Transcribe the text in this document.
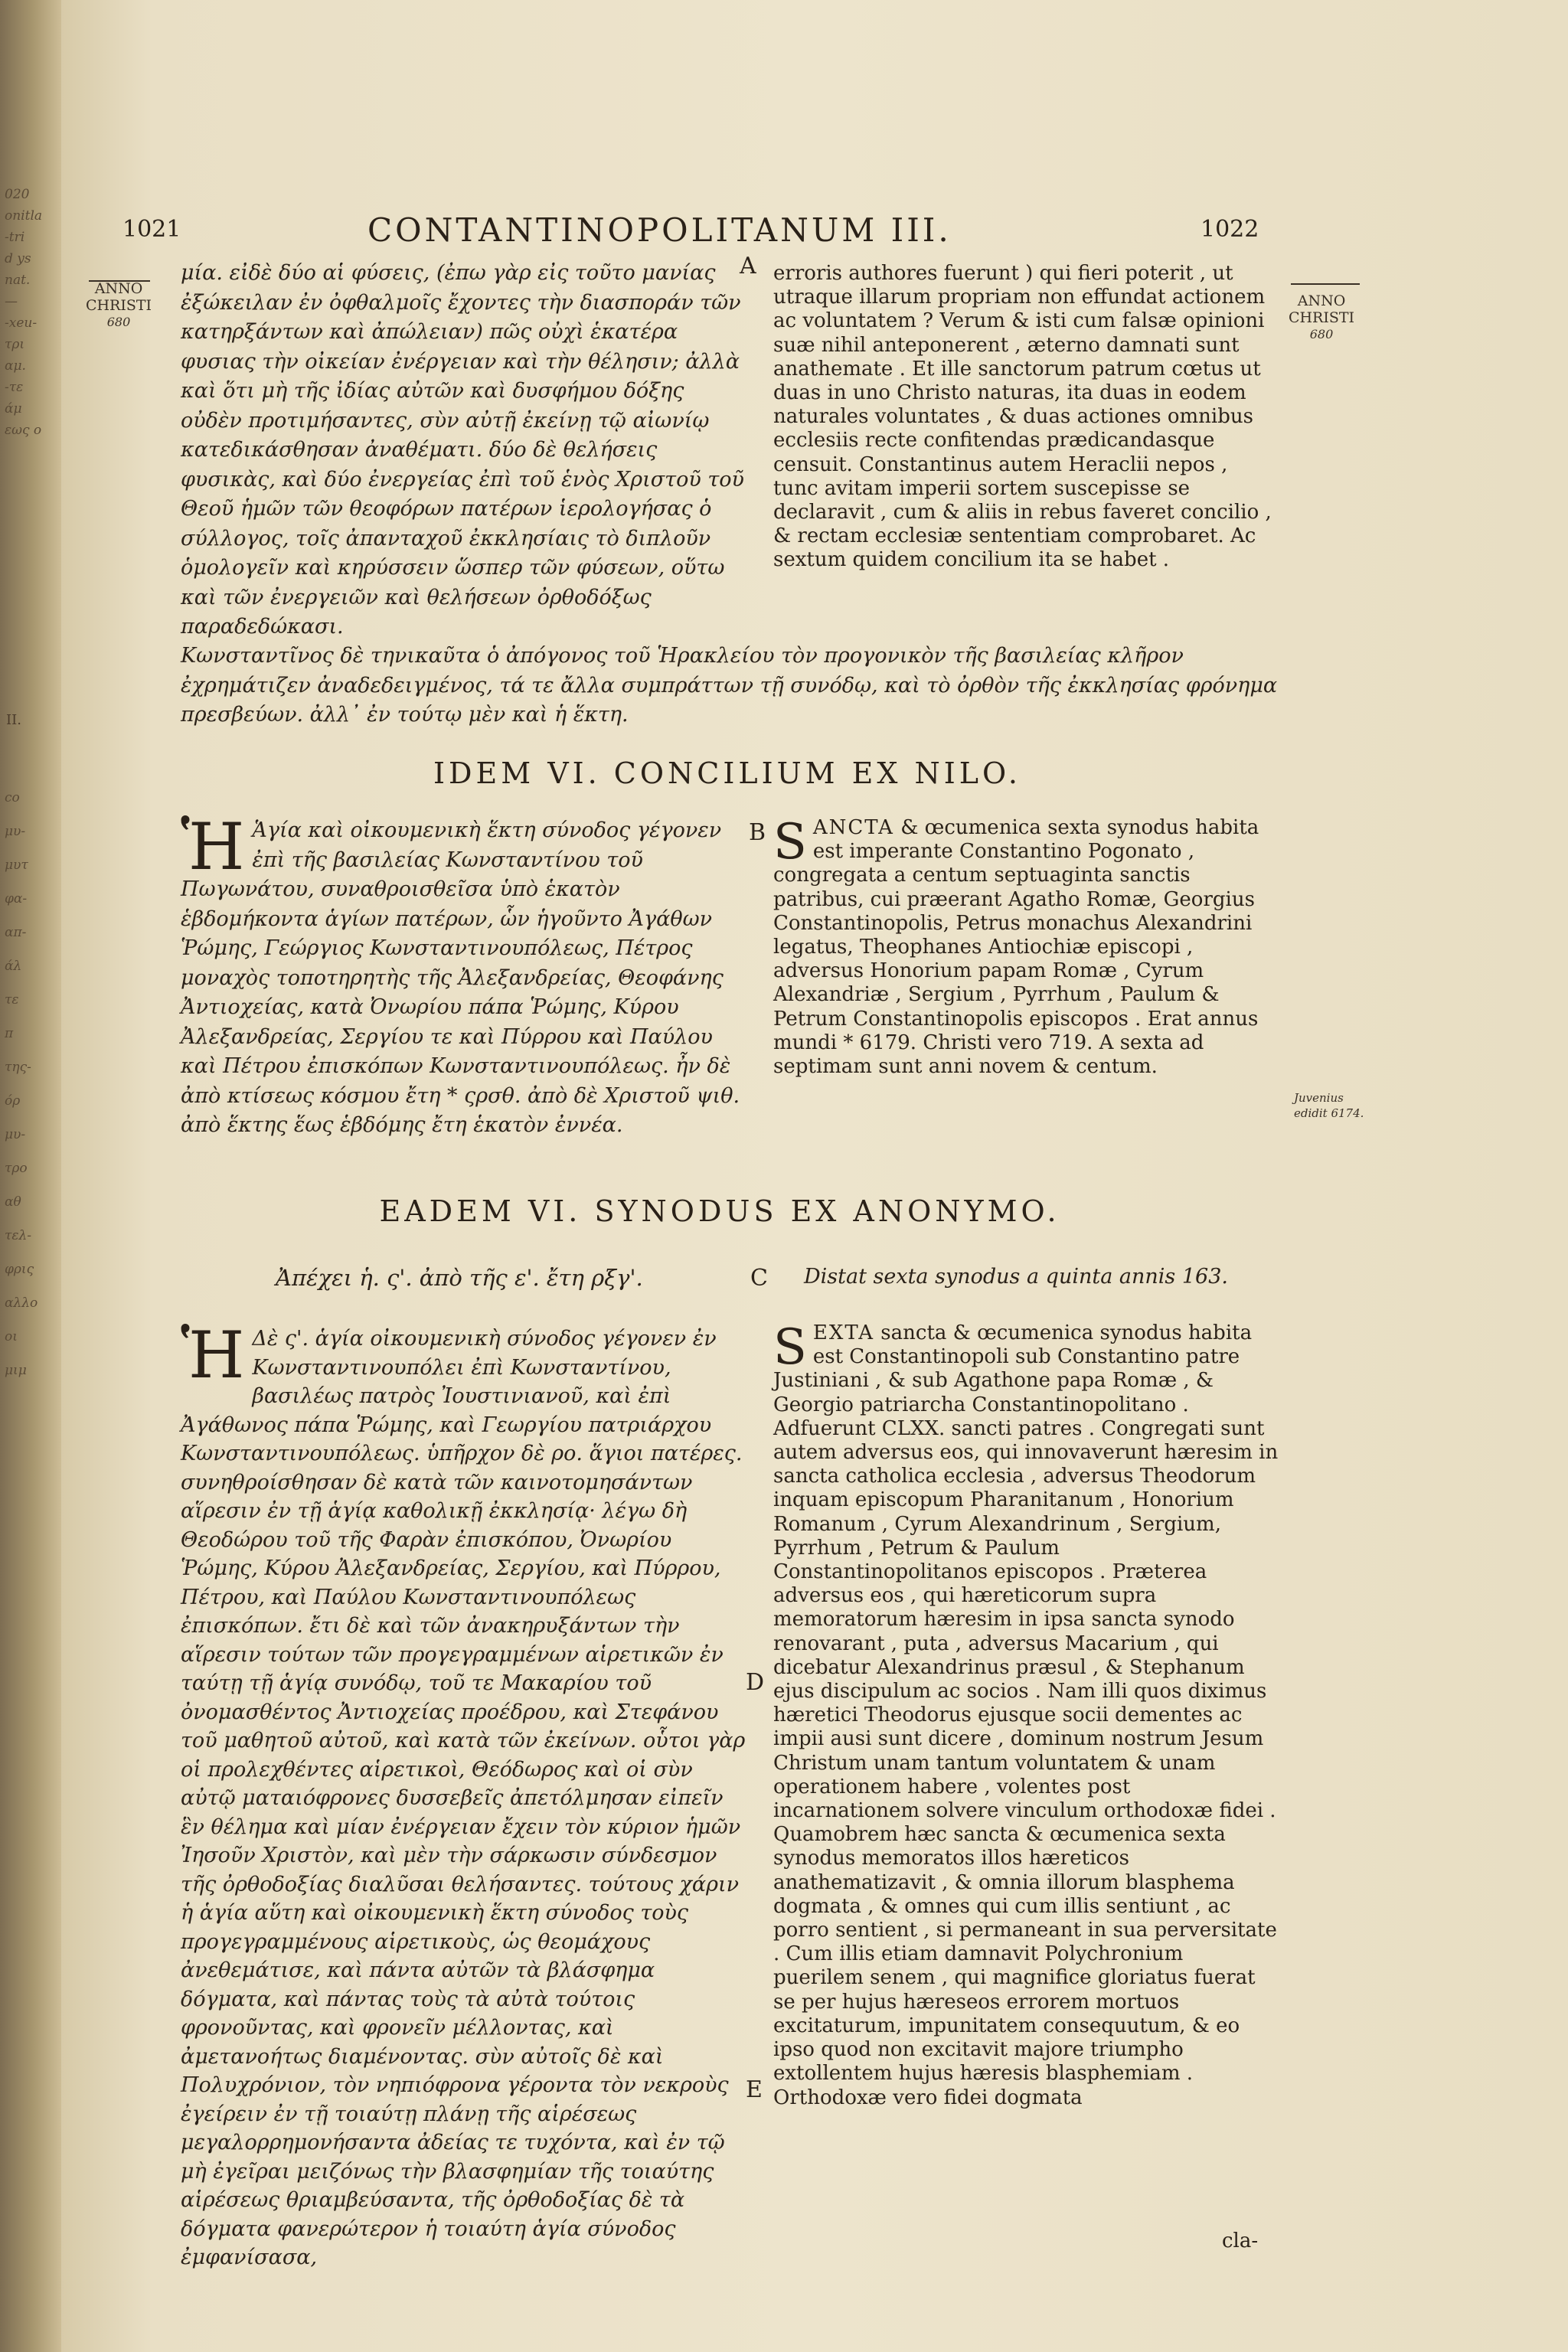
020
onitla
-tri
d ys
nat.
—
-xeu-
τρι
αμ.
-τε
άμ
εως ο
II.
co
μυ-
μυτ
φα-
απ-
άλ
τε
π
της-
όρ
μυ-
τρο
αθ
τελ-
φρις
αλλο
οι
μιμ
1021	CONTANTINOPOLITANUM III.	1022
ANNO
CHRISTI
680
ANNO
CHRISTI
680
A
μία. εἰδὲ δύο αἱ φύσεις, (ἐπω γὰρ εἰς τοῦτο μανίας ἐξώκειλαν ἐν ὀφθαλμοῖς ἔχοντες τὴν διασποράν τῶν κατηρξάντων καὶ ἀπώλειαν) πῶς οὐχὶ ἑκατέρα φυσιας τὴν οἰκείαν ἐνέργειαν καὶ τὴν θέλησιν; ἀλλὰ καὶ ὅτι μὴ τῆς ἰδίας αὐτῶν καὶ δυσφήμου δόξης οὐδὲν προτιμήσαντες, σὺν αὐτῇ ἐκείνῃ τῷ αἰωνίῳ κατεδικάσθησαν ἀναθέματι. δύο δὲ θελήσεις φυσικὰς, καὶ δύο ἐνεργείας ἐπὶ τοῦ ἑνὸς Χριστοῦ τοῦ Θεοῦ ἡμῶν τῶν θεοφόρων πατέρων ἱερολογήσας ὁ σύλλογος, τοῖς ἀπανταχοῦ ἐκκλησίαις τὸ διπλοῦν ὁμολογεῖν καὶ κηρύσσειν ὥσπερ τῶν φύσεων, οὕτω καὶ τῶν ἐνεργειῶν καὶ θελήσεων ὀρθοδόξως παραδεδώκασι.
erroris authores fuerunt ) qui fieri poterit , ut utraque illarum propriam non effundat actionem ac voluntatem ? Verum & isti cum falsæ opinioni suæ nihil anteponerent , æterno damnati sunt anathemate . Et ille sanctorum patrum cœtus ut duas in uno Christo naturas, ita duas in eodem naturales voluntates , & duas actiones omnibus ecclesiis recte confitendas prædicandasque censuit. Constantinus autem Heraclii nepos , tunc avitam imperii sortem suscepisse se declaravit , cum & aliis in rebus faveret concilio , & rectam ecclesiæ sententiam comprobaret. Ac sextum quidem concilium ita se habet .
Κωνσταντῖνος δὲ τηνικαῦτα ὁ ἀπόγονος τοῦ Ἡρακλείου τὸν προγονικὸν τῆς βασιλείας κλῆρον ἐχρημάτιζεν ἀναδεδειγμένος, τά τε ἄλλα συμπράττων τῇ συνόδῳ, καὶ τὸ ὀρθὸν τῆς ἐκκλησίας φρόνημα πρεσβεύων. ἀλλ᾽ ἐν τούτῳ μὲν καὶ ἡ ἕκτη.
IDEM VI. CONCILIUM EX NILO.
B
Ἡ Ἁγία καὶ οἰκουμενικὴ ἕκτη σύνοδος γέγονεν ἐπὶ τῆς βασιλείας Κωνσταντίνου τοῦ Πωγωνάτου, συναθροισθεῖσα ὑπὸ ἑκατὸν ἑβδομήκοντα ἁγίων πατέρων, ὧν ἡγοῦντο Ἀγάθων Ῥώμης, Γεώργιος Κωνσταντινουπόλεως, Πέτρος μοναχὸς τοποτηρητὴς τῆς Ἀλεξανδρείας, Θεοφάνης Ἀντιοχείας, κατὰ Ὀνωρίου πάπα Ῥώμης, Κύρου Ἀλεξανδρείας, Σεργίου τε καὶ Πύρρου καὶ Παύλου καὶ Πέτρου ἐπισκόπων Κωνσταντινουπόλεως. ἦν δὲ ἀπὸ κτίσεως κόσμου ἔτη * ςρσθ. ἀπὸ δὲ Χριστοῦ ψιθ. ἀπὸ ἕκτης ἕως ἑβδόμης ἔτη ἑκατὸν ἐννέα.
SANCTA & œcumenica sexta synodus habita est imperante Constantino Pogonato , congregata a centum septuaginta sanctis patribus, cui præerant Agatho Romæ, Georgius Constantinopolis, Petrus monachus Alexandrini legatus, Theophanes Antiochiæ episcopi , adversus Honorium papam Romæ , Cyrum Alexandriæ , Sergium , Pyrrhum , Paulum & Petrum Constantinopolis episcopos . Erat annus mundi * 6179. Christi vero 719. A sexta ad septimam sunt anni novem & centum.
Juvenius edidit 6174.
EADEM VI. SYNODUS EX ANONYMO.
Ἀπέχει ἡ. ς'. ἀπὸ τῆς ε'. ἔτη ρξγ'.	C Distat sexta synodus a quinta annis 163.
Ἡ Δὲ ς'. ἁγία οἰκουμενικὴ σύνοδος γέγονεν ἐν Κωνσταντινουπόλει ἐπὶ Κωνσταντίνου, βασιλέως πατρὸς Ἰουστινιανοῦ, καὶ ἐπὶ Ἀγάθωνος πάπα Ῥώμης, καὶ Γεωργίου πατριάρχου Κωνσταντινουπόλεως. ὑπῆρχον δὲ ρο. ἅγιοι πατέρες. συνηθροίσθησαν δὲ κατὰ τῶν καινοτομησάντων αἵρεσιν ἐν τῇ ἁγίᾳ καθολικῇ ἐκκλησίᾳ· λέγω δὴ Θεοδώρου τοῦ τῆς Φαρὰν ἐπισκόπου, Ὀνωρίου Ῥώμης, Κύρου Ἀλεξανδρείας, Σεργίου, καὶ Πύρρου, Πέτρου, καὶ Παύλου Κωνσταντινουπόλεως ἐπισκόπων. ἔτι δὲ καὶ τῶν ἀνακηρυξάντων τὴν αἵρεσιν τούτων τῶν προγεγραμμένων αἱρετικῶν ἐν ταύτῃ τῇ ἁγίᾳ συνόδῳ, τοῦ τε Μακαρίου τοῦ ὀνομασθέντος Ἀντιοχείας προέδρου, καὶ Στεφάνου τοῦ μαθητοῦ αὐτοῦ, καὶ κατὰ τῶν ἐκείνων. οὗτοι γὰρ οἱ προλεχθέντες αἱρετικοὶ, Θεόδωρος καὶ οἱ σὺν αὐτῷ ματαιόφρονες δυσσεβεῖς ἀπετόλμησαν εἰπεῖν ἓν θέλημα καὶ μίαν ἐνέργειαν ἔχειν τὸν κύριον ἡμῶν Ἰησοῦν Χριστὸν, καὶ μὲν τὴν σάρκωσιν σύνδεσμον τῆς ὀρθοδοξίας διαλῦσαι θελήσαντες. τούτους χάριν ἡ ἁγία αὕτη καὶ οἰκουμενικὴ ἕκτη σύνοδος τοὺς προγεγραμμένους αἱρετικοὺς, ὡς θεομάχους ἀνεθεμάτισε, καὶ πάντα αὐτῶν τὰ βλάσφημα δόγματα, καὶ πάντας τοὺς τὰ αὐτὰ τούτοις φρονοῦντας, καὶ φρονεῖν μέλλοντας, καὶ ἀμετανοήτως διαμένοντας. σὺν αὐτοῖς δὲ καὶ Πολυχρόνιον, τὸν νηπιόφρονα γέροντα τὸν νεκροὺς ἐγείρειν ἐν τῇ τοιαύτῃ πλάνῃ τῆς αἱρέσεως μεγαλορρημονήσαντα ἀδείας τε τυχόντα, καὶ ἐν τῷ μὴ ἐγεῖραι μειζόνως τὴν βλασφημίαν τῆς τοιαύτης αἱρέσεως θριαμβεύσαντα, τῆς ὀρθοδοξίας δὲ τὰ δόγματα φανερώτερον ἡ τοιαύτη ἁγία σύνοδος ἐμφανίσασα,
D
E
SEXTA sancta & œcumenica synodus habita est Constantinopoli sub Constantino patre Justiniani , & sub Agathone papa Romæ , & Georgio patriarcha Constantinopolitano . Adfuerunt CLXX. sancti patres . Congregati sunt autem adversus eos, qui innovaverunt hæresim in sancta catholica ecclesia , adversus Theodorum inquam episcopum Pharanitanum , Honorium Romanum , Cyrum Alexandrinum , Sergium, Pyrrhum , Petrum & Paulum Constantinopolitanos episcopos . Præterea adversus eos , qui hæreticorum supra memoratorum hæresim in ipsa sancta synodo renovarant , puta , adversus Macarium , qui dicebatur Alexandrinus præsul , & Stephanum ejus discipulum ac socios . Nam illi quos diximus hæretici Theodorus ejusque socii dementes ac impii ausi sunt dicere , dominum nostrum Jesum Christum unam tantum voluntatem & unam operationem habere , volentes post incarnationem solvere vinculum orthodoxæ fidei . Quamobrem hæc sancta & œcumenica sexta synodus memoratos illos hæreticos anathematizavit , & omnia illorum blasphema dogmata , & omnes qui cum illis sentiunt , ac porro sentient , si permaneant in sua perversitate . Cum illis etiam damnavit Polychronium puerilem senem , qui magnifice gloriatus fuerat se per hujus hæreseos errorem mortuos excitaturum, impunitatem consequutum, & eo ipso quod non excitavit majore triumpho extollentem hujus hæresis blasphemiam . Orthodoxæ vero fidei dogmata
cla-
